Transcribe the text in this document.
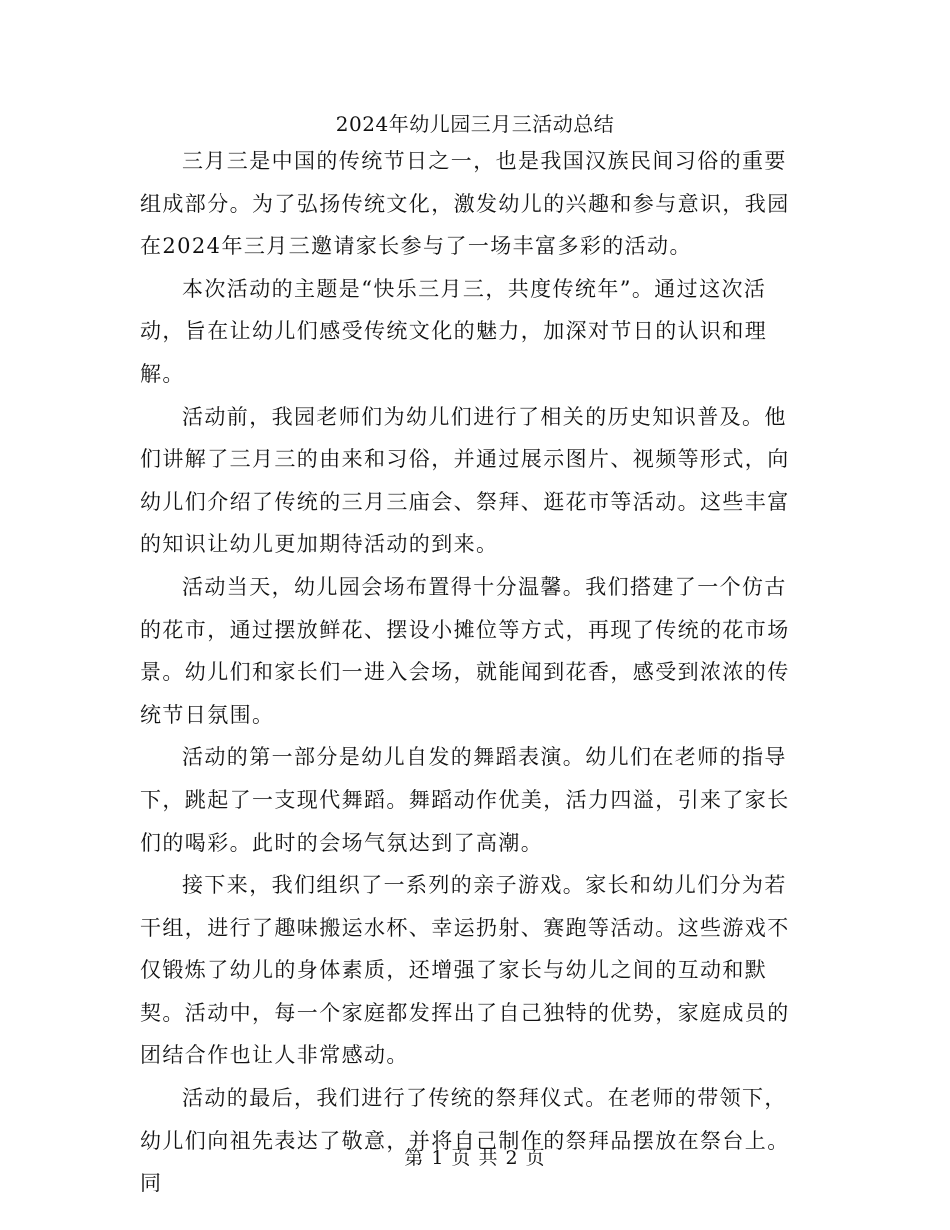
2024年幼儿园三月三活动总结

三月三是中国的传统节日之一，也是我国汉族民间习俗的重要组成部分。为了弘扬传统文化，激发幼儿的兴趣和参与意识，我园在2024年三月三邀请家长参与了一场丰富多彩的活动。

本次活动的主题是“快乐三月三，共度传统年”。通过这次活动，旨在让幼儿们感受传统文化的魅力，加深对节日的认识和理解。

活动前，我园老师们为幼儿们进行了相关的历史知识普及。他们讲解了三月三的由来和习俗，并通过展示图片、视频等形式，向幼儿们介绍了传统的三月三庙会、祭拜、逛花市等活动。这些丰富的知识让幼儿更加期待活动的到来。

活动当天，幼儿园会场布置得十分温馨。我们搭建了一个仿古的花市，通过摆放鲜花、摆设小摊位等方式，再现了传统的花市场景。幼儿们和家长们一进入会场，就能闻到花香，感受到浓浓的传统节日氛围。

活动的第一部分是幼儿自发的舞蹈表演。幼儿们在老师的指导下，跳起了一支现代舞蹈。舞蹈动作优美，活力四溢，引来了家长们的喝彩。此时的会场气氛达到了高潮。

接下来，我们组织了一系列的亲子游戏。家长和幼儿们分为若干组，进行了趣味搬运水杯、幸运扔射、赛跑等活动。这些游戏不仅锻炼了幼儿的身体素质，还增强了家长与幼儿之间的互动和默契。活动中，每一个家庭都发挥出了自己独特的优势，家庭成员的团结合作也让人非常感动。

活动的最后，我们进行了传统的祭拜仪式。在老师的带领下，幼儿们向祖先表达了敬意，并将自己制作的祭拜品摆放在祭台上。同

第 1 页 共 2 页
